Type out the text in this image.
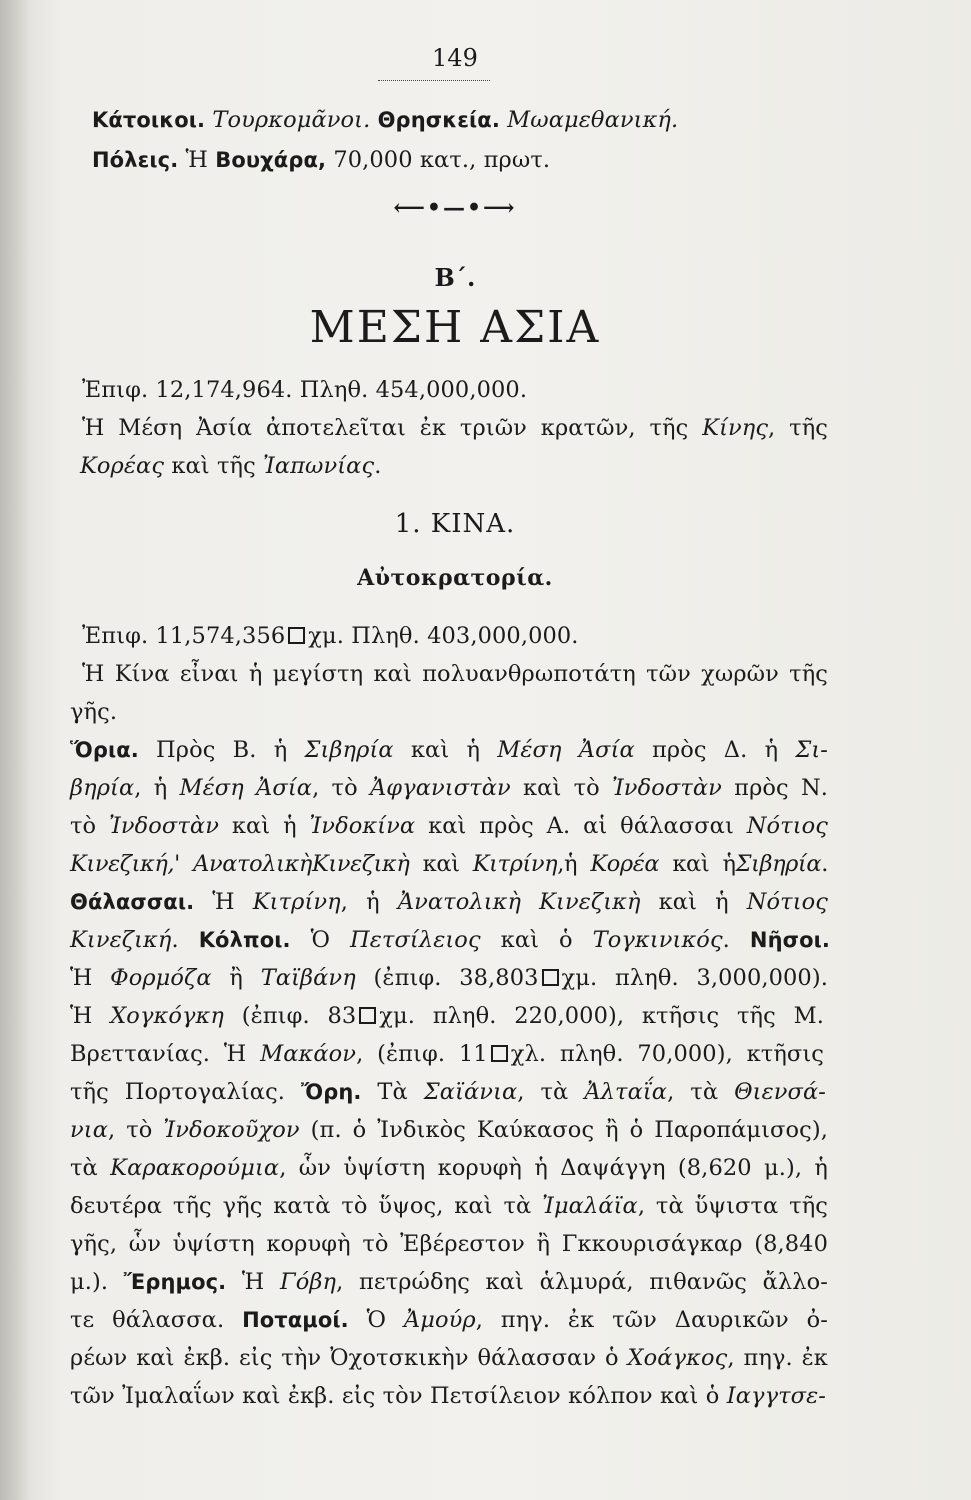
149
Κάτοικοι. Τουρκομᾶνοι. Θρησκεία. Μωαμεθανική.
Πόλεις. Ἡ Βουχάρα, 70,000 κατ., πρωτ.
⟵•—•⟶
Β΄.
ΜΕΣΗ ΑΣΙΑ
Ἐπιφ. 12,174,964. Πληθ. 454,000,000.
Ἡ Μέση Ἀσία ἀποτελεῖται ἐκ τριῶν κρατῶν, τῆς Κίνης, τῆς
Κορέας καὶ τῆς Ἰαπωνίας.
1. ΚΙΝΑ.
Αὐτοκρατορία.
Ἐπιφ. 11,574,356 χμ. Πληθ. 403,000,000.
Ἡ Κίνα εἶναι ἡ μεγίστη καὶ πολυανθρωποτάτη τῶν χωρῶν τῆς
γῆς.
Ὅρια. Πρὸς Β. ἡ Σιβηρία καὶ ἡ Μέση Ἀσία πρὸς Δ. ἡ Σι-
βηρία, ἡ Μέση Ἀσία, τὸ Ἀφγανιστὰν καὶ τὸ Ἰνδοστὰν πρὸς Ν.
τὸ Ἰνδοστὰν καὶ ἡ Ἰνδοκίνα καὶ πρὸς Α. αἱ θάλασσαι Νότιος
Κινεζική,' ΑνατολικὴΚινεζικὴ καὶ Κιτρίνη,ἡ Κορέα καὶ ἡΣιβηρία.
Θάλασσαι. Ἡ Κιτρίνη, ἡ Ἀνατολικὴ Κινεζικὴ καὶ ἡ Νότιος
Κινεζική. Κόλποι. Ὁ Πετσίλειος καὶ ὁ Τογκινικός. Νῆσοι.
Ἡ Φορμόζα ἢ Ταϊβάνη (ἐπιφ. 38,803 χμ. πληθ. 3,000,000).
Ἡ Χογκόγκη (ἐπιφ. 83 χμ. πληθ. 220,000), κτῆσις τῆς Μ.
Βρεττανίας. Ἡ Μακάον, (ἐπιφ. 11 χλ. πληθ. 70,000), κτῆσις
τῆς Πορτογαλίας. Ὄρη. Τὰ Σαϊάνια, τὰ Ἀλταΐα, τὰ Θιενσά-
νια, τὸ Ἰνδοκοῦχον (π. ὁ Ἰνδικὸς Καύκασος ἢ ὁ Παροπάμισος),
τὰ Καρακορούμια, ὧν ὑψίστη κορυφὴ ἡ Δαψάγγη (8,620 μ.), ἡ
δευτέρα τῆς γῆς κατὰ τὸ ὕψος, καὶ τὰ Ἰμαλάϊα, τὰ ὕψιστα τῆς
γῆς, ὧν ὑψίστη κορυφὴ τὸ Ἐβέρεστον ἢ Γκκουρισάγκαρ (8,840
μ.). Ἔρημος. Ἡ Γόβη, πετρώδης καὶ ἁλμυρά, πιθανῶς ἄλλο-
τε θάλασσα. Ποταμοί. Ὁ Ἀμούρ, πηγ. ἐκ τῶν Δαυρικῶν ὀ-
ρέων καὶ ἐκβ. εἰς τὴν Ὀχοτσκικὴν θάλασσαν ὁ Χοάγκος, πηγ. ἐκ
τῶν Ἰμαλαΐων καὶ ἐκβ. εἰς τὸν Πετσίλειον κόλπον καὶ ὁ Ιαγγτσε-
